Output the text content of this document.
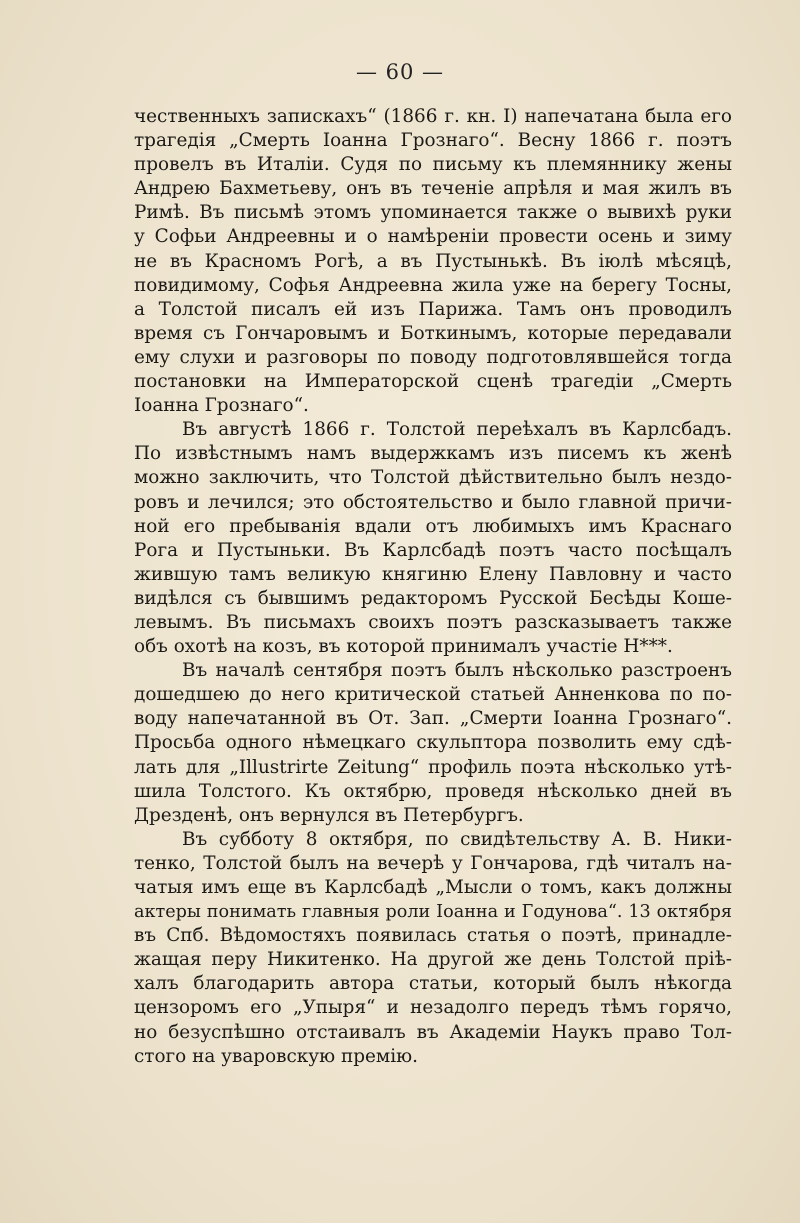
— 60 —
чественныхъ запискахъ“ (1866 г. кн. I) напечатана была его
трагедія „Смерть Іоанна Грознаго“. Весну 1866 г. поэтъ
провелъ въ Италіи. Судя по письму къ племяннику жены
Андрею Бахметьеву, онъ въ теченіе апрѣля и мая жилъ въ
Римѣ. Въ письмѣ этомъ упоминается также о вывихѣ руки
у Софьи Андреевны и о намѣреніи провести осень и зиму
не въ Красномъ Рогѣ, а въ Пустынькѣ. Въ іюлѣ мѣсяцѣ,
повидимому, Софья Андреевна жила уже на берегу Тосны,
а Толстой писалъ ей изъ Парижа. Тамъ онъ проводилъ
время съ Гончаровымъ и Боткинымъ, которые передавали
ему слухи и разговоры по поводу подготовлявшейся тогда
постановки на Императорской сценѣ трагедіи „Смерть
Іоанна Грознаго“.
Въ августѣ 1866 г. Толстой переѣхалъ въ Карлсбадъ.
По извѣстнымъ намъ выдержкамъ изъ писемъ къ женѣ
можно заключить, что Толстой дѣйствительно былъ нездо-
ровъ и лечился; это обстоятельство и было главной причи-
ной его пребыванія вдали отъ любимыхъ имъ Краснаго
Рога и Пустыньки. Въ Карлсбадѣ поэтъ часто посѣщалъ
жившую тамъ великую княгиню Елену Павловну и часто
видѣлся съ бывшимъ редакторомъ Русской Бесѣды Коше-
левымъ. Въ письмахъ своихъ поэтъ разсказываетъ также
объ охотѣ на козъ, въ которой принималъ участіе Н***.
Въ началѣ сентября поэтъ былъ нѣсколько разстроенъ
дошедшею до него критической статьей Анненкова по по-
воду напечатанной въ От. Зап. „Смерти Іоанна Грознаго“.
Просьба одного нѣмецкаго скульптора позволить ему сдѣ-
лать для „Illustrirte Zeitung“ профиль поэта нѣсколько утѣ-
шила Толстого. Къ октябрю, проведя нѣсколько дней въ
Дрезденѣ, онъ вернулся въ Петербургъ.
Въ субботу 8 октября, по свидѣтельству А. В. Ники-
тенко, Толстой былъ на вечерѣ у Гончарова, гдѣ читалъ на-
чатыя имъ еще въ Карлсбадѣ „Мысли о томъ, какъ должны
актеры понимать главныя роли Іоанна и Годунова“. 13 октября
въ Спб. Вѣдомостяхъ появилась статья о поэтѣ, принадле-
жащая перу Никитенко. На другой же день Толстой пріѣ-
халъ благодарить автора статьи, который былъ нѣкогда
цензоромъ его „Упыря“ и незадолго передъ тѣмъ горячо,
но безуспѣшно отстаивалъ въ Академіи Наукъ право Тол-
стого на уваровскую премію.
